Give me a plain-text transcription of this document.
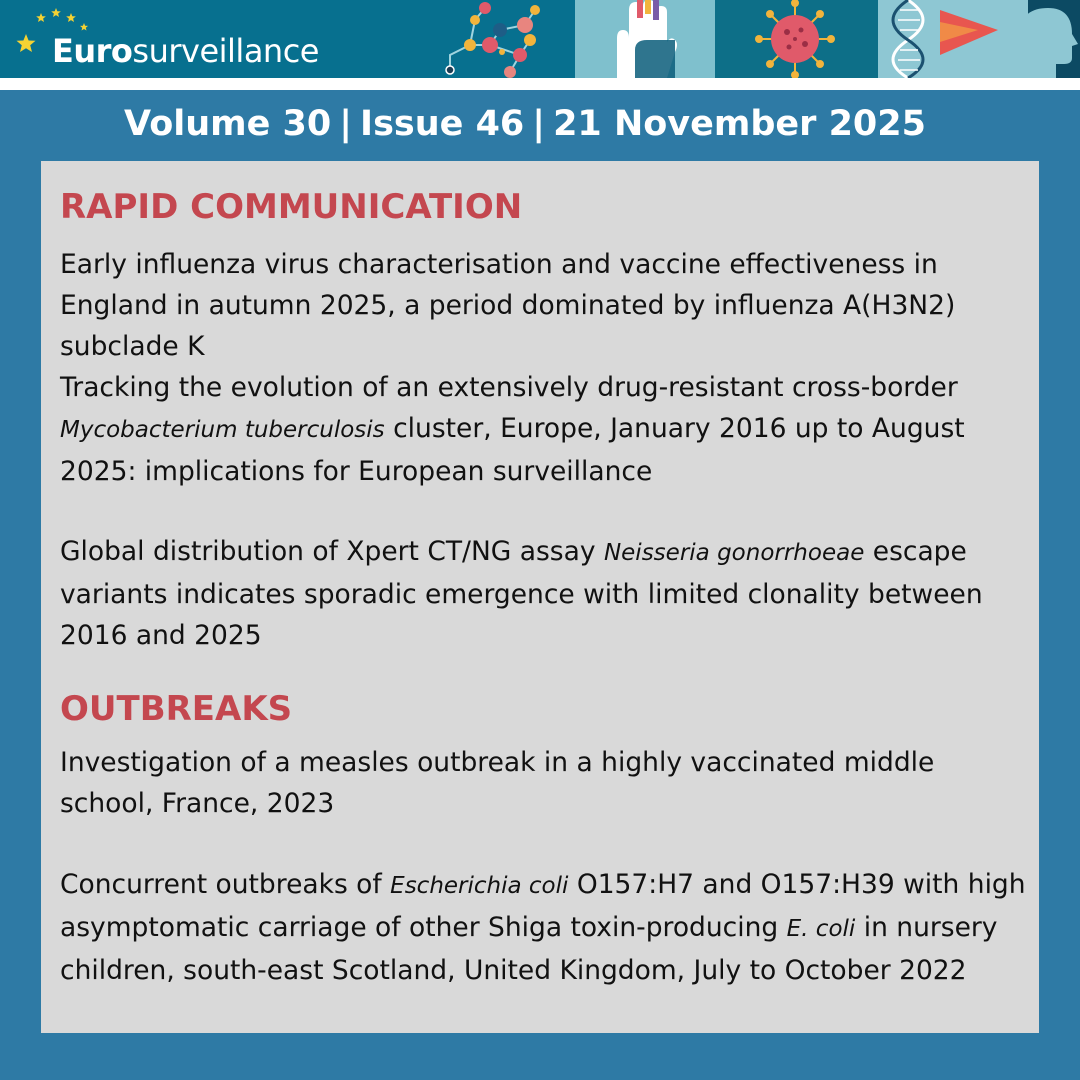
Eurosurveillance
Volume 30 | Issue 46 | 21 November 2025
RAPID COMMUNICATION

Early influenza virus characterisation and vaccine effectiveness in England in autumn 2025, a period dominated by influenza A(H3N2) subclade K

Tracking the evolution of an extensively drug-resistant cross-border Mycobacterium tuberculosis cluster, Europe, January 2016 up to August 2025: implications for European surveillance

Global distribution of Xpert CT/NG assay Neisseria gonorrhoeae escape variants indicates sporadic emergence with limited clonality between 2016 and 2025

OUTBREAKS

Investigation of a measles outbreak in a highly vaccinated middle school, France, 2023

Concurrent outbreaks of Escherichia coli O157:H7 and O157:H39 with high asymptomatic carriage of other Shiga toxin-producing E. coli in nursery children, south-east Scotland, United Kingdom, July to October 2022
